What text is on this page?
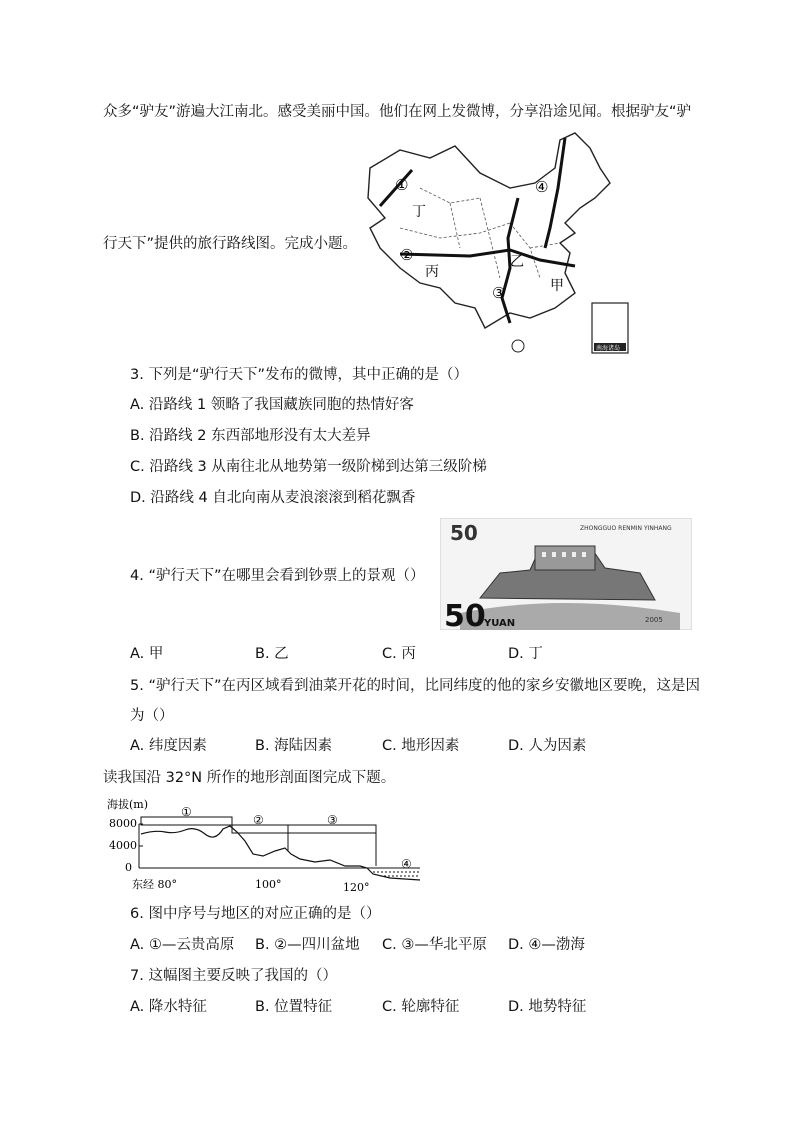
众多“驴友”游遍大江南北。感受美丽中国。他们在网上发微博，分享沿途见闻。根据驴友“驴
行天下”提供的旅行路线图。完成小题。
①
②
③
④
丁
丙
乙
甲
南海诸岛
3. 下列是“驴行天下”发布的微博，其中正确的是（）
A. 沿路线 1 领略了我国藏族同胞的热情好客
B. 沿路线 2 东西部地形没有太大差异
C. 沿路线 3 从南往北从地势第一级阶梯到达第三级阶梯
D. 沿路线 4 自北向南从麦浪滚滚到稻花飘香
50	ZHONGGUO RENMIN YINHANG
50
YUAN	2005
4. “驴行天下”在哪里会看到钞票上的景观（）
A. 甲	B. 乙	C. 丙	D. 丁
5. “驴行天下”在丙区域看到油菜开花的时间，比同纬度的他的家乡安徽地区要晚，这是因
为（）
A. 纬度因素	B. 海陆因素	C. 地形因素	D. 人为因素
读我国沿 32°N 所作的地形剖面图完成下题。
海拔(m)
8000
4000
0
①
②	③
④
东经 80°	100°	120°
6. 图中序号与地区的对应正确的是（）
A. ①—云贵高原 B. ②—四川盆地 C. ③—华北平原 D. ④—渤海
7. 这幅图主要反映了我国的（）
A. 降水特征	B. 位置特征	C. 轮廓特征	D. 地势特征
